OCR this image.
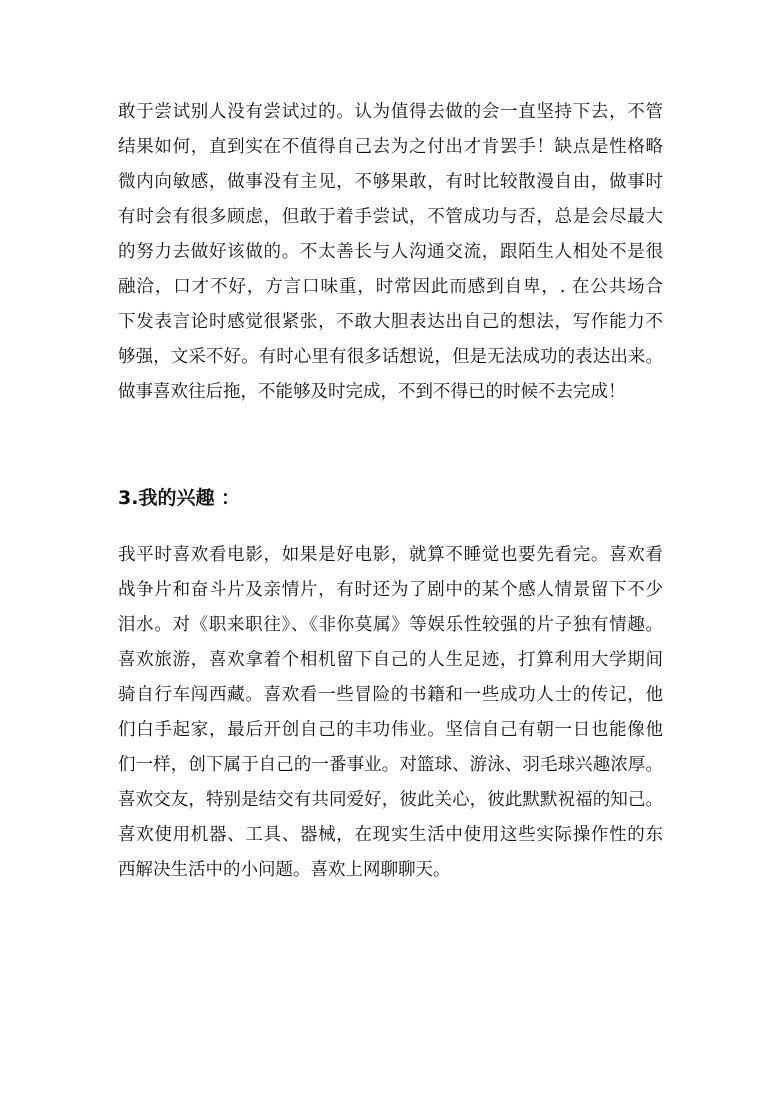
敢于尝试别人没有尝试过的。认为值得去做的会一直坚持下去，不管
结果如何，直到实在不值得自己去为之付出才肯罢手！缺点是性格略
微内向敏感，做事没有主见，不够果敢，有时比较散漫自由，做事时
有时会有很多顾虑，但敢于着手尝试，不管成功与否，总是会尽最大
的努力去做好该做的。不太善长与人沟通交流，跟陌生人相处不是很
融洽，口才不好，方言口味重，时常因此而感到自卑，. 在公共场合
下发表言论时感觉很紧张，不敢大胆表达出自己的想法，写作能力不
够强，文采不好。有时心里有很多话想说，但是无法成功的表达出来。
做事喜欢往后拖，不能够及时完成，不到不得已的时候不去完成！
3.我的兴趣 ：
我平时喜欢看电影，如果是好电影，就算不睡觉也要先看完。喜欢看
战争片和奋斗片及亲情片，有时还为了剧中的某个感人情景留下不少
泪水。对《职来职往》、《非你莫属》等娱乐性较强的片子独有情趣。
喜欢旅游，喜欢拿着个相机留下自己的人生足迹，打算利用大学期间
骑自行车闯西藏。喜欢看一些冒险的书籍和一些成功人士的传记，他
们白手起家，最后开创自己的丰功伟业。坚信自己有朝一日也能像他
们一样，创下属于自己的一番事业。对篮球、游泳、羽毛球兴趣浓厚。
喜欢交友，特别是结交有共同爱好，彼此关心，彼此默默祝福的知己。
喜欢使用机器、工具、器械，在现实生活中使用这些实际操作性的东
西解决生活中的小问题。喜欢上网聊聊天。
